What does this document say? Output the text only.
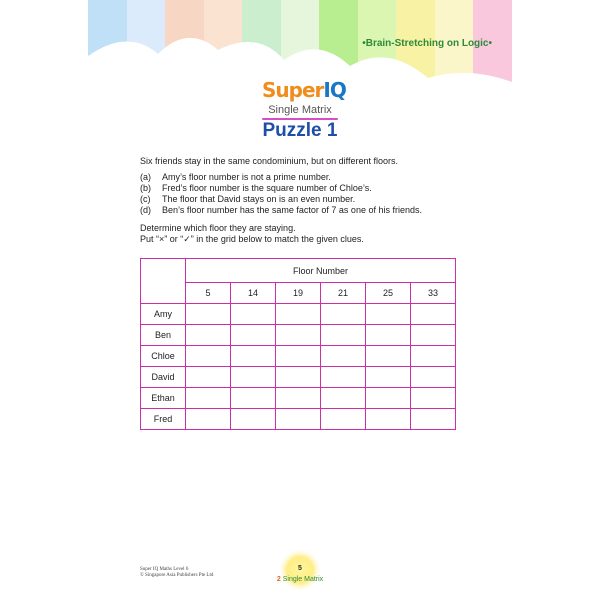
•Brain-Stretching on Logic•
SuperIQ
Single Matrix
Puzzle 1
Six friends stay in the same condominium, but on different floors.
(a)	Amy’s floor number is not a prime number.
(b)	Fred’s floor number is the square number of Chloe’s.
(c)	The floor that David stays on is an even number.
(d)	Ben’s floor number has the same factor of 7 as one of his friends.
Determine which floor they are staying.
Put “×” or “✓” in the grid below to match the given clues.
	Floor Number					
	5	14	19	21	25	33
Amy						
Ben						
Chloe						
David						
Ethan						
Fred						
Super IQ Maths Level 6
© Singapore Asia Publishers Pte Ltd
5
2 Single Matrix
